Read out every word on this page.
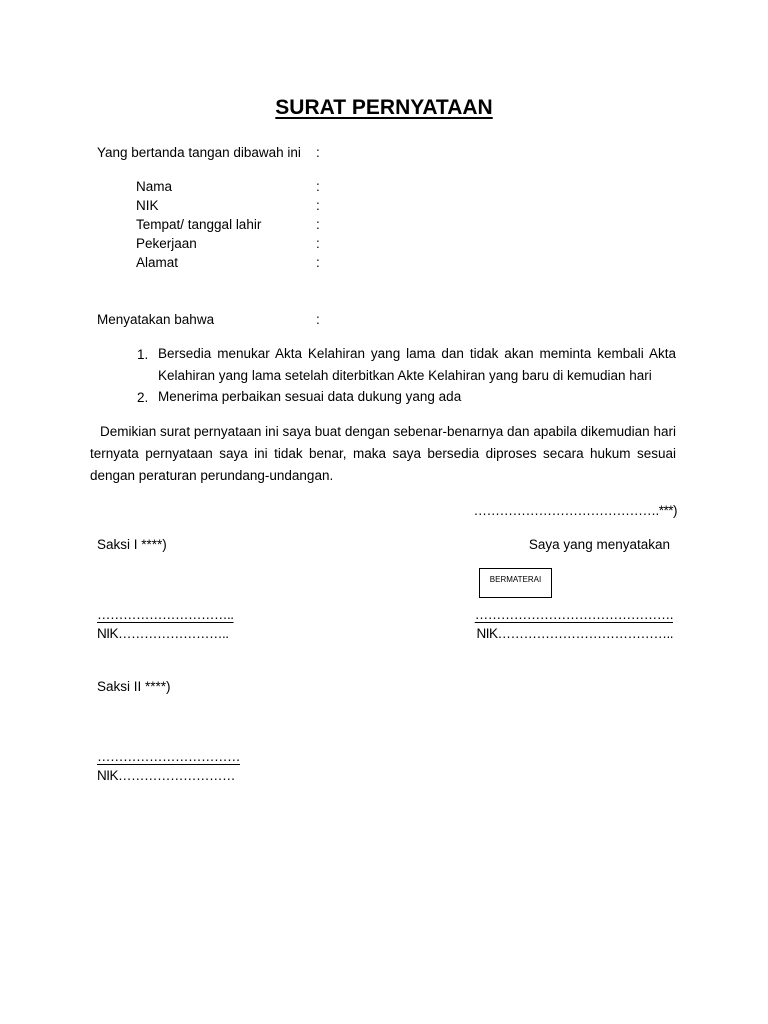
SURAT PERNYATAAN
Yang bertanda tangan dibawah ini :
Nama	:
NIK	:
Tempat/ tanggal lahir	:
Pekerjaan	:
Alamat	:
Menyatakan bahwa	:
1. Bersedia menukar Akta Kelahiran yang lama dan tidak akan meminta kembali Akta Kelahiran yang lama setelah diterbitkan Akte Kelahiran yang baru di kemudian hari
2. Menerima perbaikan sesuai data dukung yang ada
Demikian surat pernyataan ini saya buat dengan sebenar-benarnya dan apabila dikemudian hari ternyata pernyataan saya ini tidak benar, maka saya bersedia diproses secara hukum sesuai dengan peraturan perundang-undangan.
…………………………………….***)
Saksi I ****)
…………………………..
NIK……………………..
Saya yang menyatakan
BERMATERAI
……………………………………….
NIK…………………………………..
Saksi II ****)
……………………………
NIK………………………
